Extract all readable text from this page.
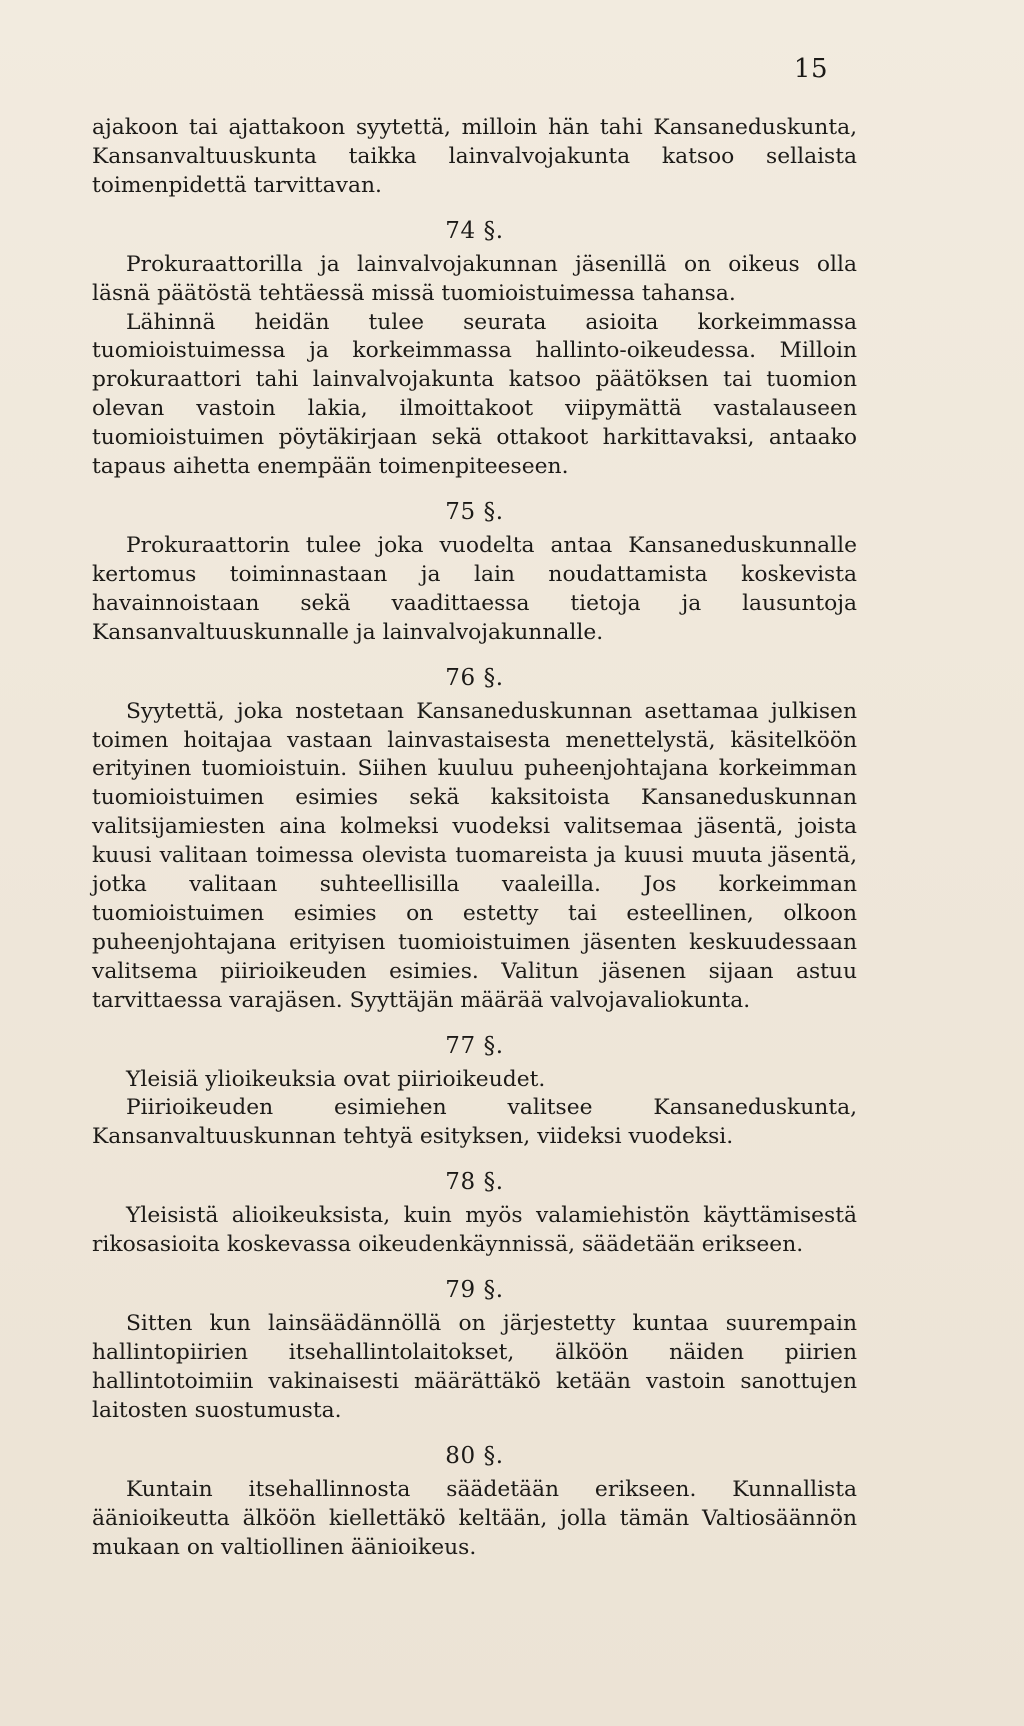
15

ajakoon tai ajattakoon syytettä, milloin hän tahi Kansaneduskunta, Kansanvaltuuskunta taikka lainvalvojakunta katsoo sellaista toimenpidettä tarvittavan.

74 §.

Prokuraattorilla ja lainvalvojakunnan jäsenillä on oikeus olla läsnä päätöstä tehtäessä missä tuomioistuimessa tahansa.

Lähinnä heidän tulee seurata asioita korkeimmassa tuomioistuimessa ja korkeimmassa hallinto-oikeudessa. Milloin prokuraattori tahi lainvalvojakunta katsoo päätöksen tai tuomion olevan vastoin lakia, ilmoittakoot viipymättä vastalauseen tuomioistuimen pöytäkirjaan sekä ottakoot harkittavaksi, antaako tapaus aihetta enempään toimenpiteeseen.

75 §.

Prokuraattorin tulee joka vuodelta antaa Kansaneduskunnalle kertomus toiminnastaan ja lain noudattamista koskevista havainnoistaan sekä vaadittaessa tietoja ja lausuntoja Kansanvaltuuskunnalle ja lainvalvojakunnalle.

76 §.

Syytettä, joka nostetaan Kansaneduskunnan asettamaa julkisen toimen hoitajaa vastaan lainvastaisesta menettelystä, käsitelköön erityinen tuomioistuin. Siihen kuuluu puheenjohtajana korkeimman tuomioistuimen esimies sekä kaksitoista Kansaneduskunnan valitsijamiesten aina kolmeksi vuodeksi valitsemaa jäsentä, joista kuusi valitaan toimessa olevista tuomareista ja kuusi muuta jäsentä, jotka valitaan suhteellisilla vaaleilla. Jos korkeimman tuomioistuimen esimies on estetty tai esteellinen, olkoon puheenjohtajana erityisen tuomioistuimen jäsenten keskuudessaan valitsema piirioikeuden esimies. Valitun jäsenen sijaan astuu tarvittaessa varajäsen. Syyttäjän määrää valvojavaliokunta.

77 §.

Yleisiä ylioikeuksia ovat piirioikeudet.

Piirioikeuden esimiehen valitsee Kansaneduskunta, Kansanvaltuuskunnan tehtyä esityksen, viideksi vuodeksi.

78 §.

Yleisistä alioikeuksista, kuin myös valamiehistön käyttämisestä rikosasioita koskevassa oikeudenkäynnissä, säädetään erikseen.

79 §.

Sitten kun lainsäädännöllä on järjestetty kuntaa suurempain hallintopiirien itsehallintolaitokset, älköön näiden piirien hallintotoimiin vakinaisesti määrättäkö ketään vastoin sanottujen laitosten suostumusta.

80 §.

Kuntain itsehallinnosta säädetään erikseen. Kunnallista äänioikeutta älköön kiellettäkö keltään, jolla tämän Valtiosäännön mukaan on valtiollinen äänioikeus.
